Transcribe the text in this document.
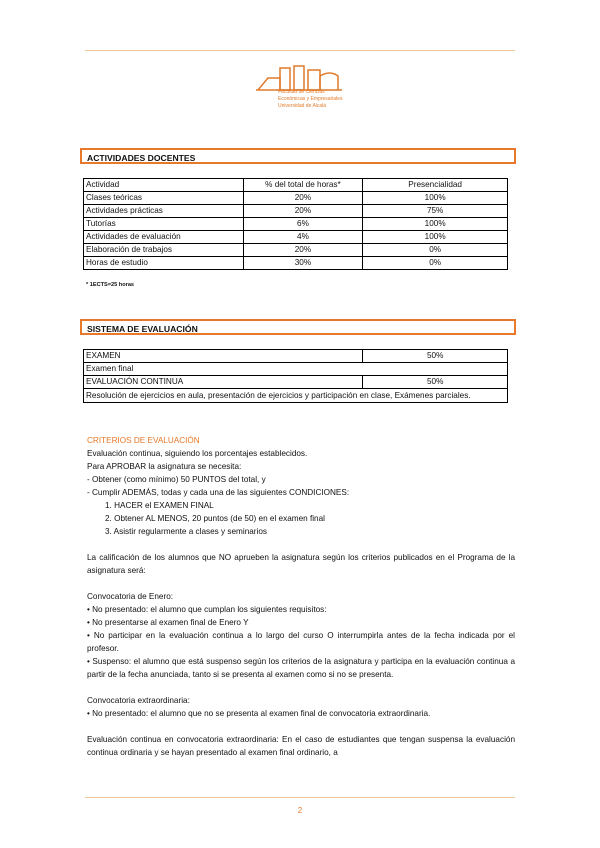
Facultad de Ciencias
Económicas y Empresariales
Universidad de Alcalá
ACTIVIDADES DOCENTES
Actividad	% del total de horas*	Presencialidad
Clases teóricas	20%	100%
Actividades prácticas	20%	75%
Tutorías	6%	100%
Actividades de evaluación	4%	100%
Elaboración de trabajos	20%	0%
Horas de estudio	30%	0%
* 1ECTS=25 horas
SISTEMA DE EVALUACIÓN
EXAMEN	50%
Examen final	
EVALUACIÓN CONTINUA	50%
Resolución de ejercicios en aula, presentación de ejercicios y participación en clase, Exámenes parciales.	
CRITERIOS DE EVALUACIÓN
Evaluación continua, siguiendo los porcentajes establecidos.
Para APROBAR la asignatura se necesita:
- Obtener (como mínimo) 50 PUNTOS del total, y
- Cumplir ADEMÁS, todas y cada una de las siguientes CONDICIONES:
1. HACER el EXAMEN FINAL
2. Obtener AL MENOS, 20 puntos (de 50) en el examen final
3. Asistir regularmente a clases y seminarios
La calificación de los alumnos que NO aprueben la asignatura según los criterios publicados en el Programa de la asignatura será:
Convocatoria de Enero:
• No presentado: el alumno que cumplan los siguientes requisitos:
• No presentarse al examen final de Enero Y
• No participar en la evaluación continua a lo largo del curso O interrumpirla antes de la fecha indicada por el profesor.
• Suspenso: el alumno que está suspenso según los criterios de la asignatura y participa en la evaluación continua a partir de la fecha anunciada, tanto si se presenta al examen como si no se presenta.
Convocatoria extraordinaria:
• No presentado: el alumno que no se presenta al examen final de convocatoria extraordinaria.
Evaluación continua en convocatoria extraordinaria: En el caso de estudiantes que tengan suspensa la evaluación continua ordinaria y se hayan presentado al examen final ordinario, a
2
